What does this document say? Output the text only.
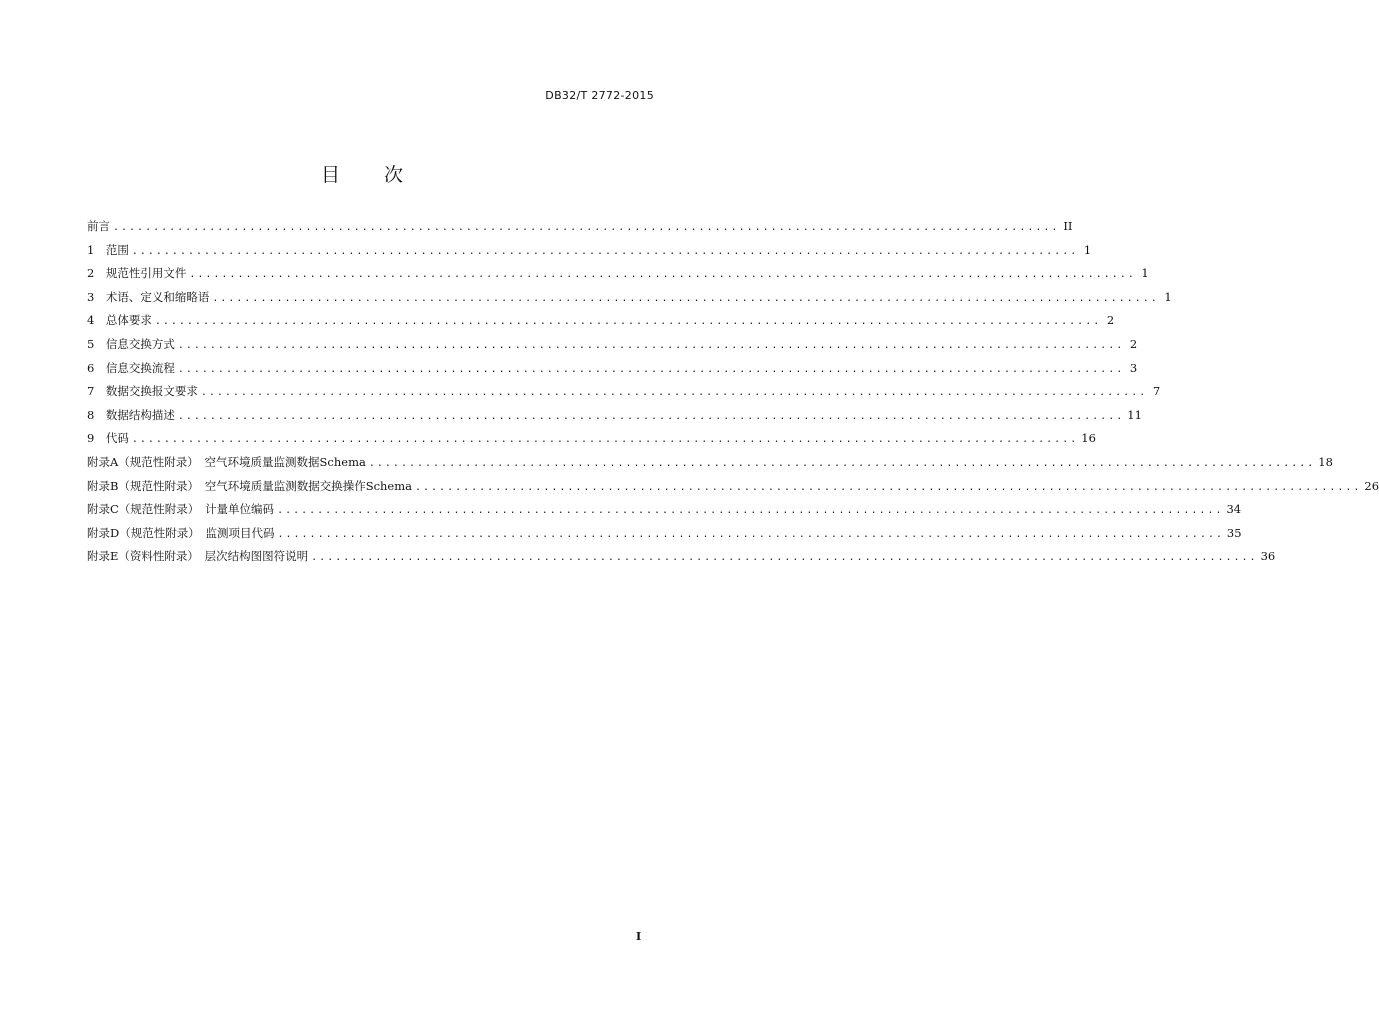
DB32/T 2772-2015
目次
前言 ...................................................................................................................... II
1　范围 ...................................................................................................................... 1
2　规范性引用文件 ...................................................................................................................... 1
3　术语、定义和缩略语 ...................................................................................................................... 1
4　总体要求 ...................................................................................................................... 2
5　信息交换方式 ...................................................................................................................... 2
6　信息交换流程 ...................................................................................................................... 3
7　数据交换报文要求 ...................................................................................................................... 7
8　数据结构描述 ...................................................................................................................... 11
9　代码 ...................................................................................................................... 16
附录A（规范性附录）　空气环境质量监测数据Schema ...................................................................................................................... 18
附录B（规范性附录）　空气环境质量监测数据交换操作Schema ...................................................................................................................... 26
附录C（规范性附录）　计量单位编码 ...................................................................................................................... 34
附录D（规范性附录）　监测项目代码 ...................................................................................................................... 35
附录E（资料性附录）　层次结构图图符说明 ...................................................................................................................... 36
I
